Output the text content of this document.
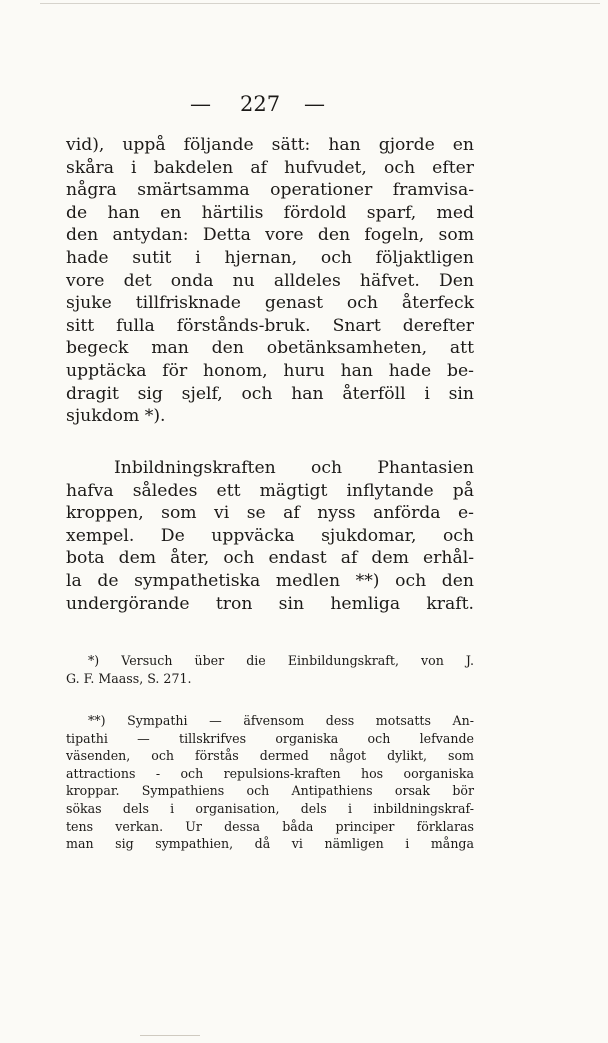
— 227 —
vid), uppå följande sätt: han gjorde en
skåra i bakdelen af hufvudet, och efter
några smärtsamma operationer framvisa-
de han en härtilis fördold sparf, med
den antydan: Detta vore den fogeln, som
hade sutit i hjernan, och följaktligen
vore det onda nu alldeles häfvet. Den
sjuke tillfrisknade genast och återfeck
sitt fulla förstånds-bruk. Snart derefter
begeck man den obetänksamheten, att
upptäcka för honom, huru han hade be-
dragit sig sjelf, och han återföll i sin
sjukdom *).
Inbildningskraften och Phantasien
hafva således ett mägtigt inflytande på
kroppen, som vi se af nyss anförda e-
xempel. De uppväcka sjukdomar, och
bota dem åter, och endast af dem erhål-
la de sympathetiska medlen **) och den
undergörande tron sin hemliga kraft.
*) Versuch über die Einbildungskraft, von J.
G. F. Maass, S. 271.
**) Sympathi — äfvensom dess motsatts An-
tipathi — tillskrifves organiska och lefvande
väsenden, och förstås dermed något dylikt, som
attractions - och repulsions-kraften hos oorganiska
kroppar. Sympathiens och Antipathiens orsak bör
sökas dels i organisation, dels i inbildningskraf-
tens verkan. Ur dessa båda principer förklaras
man sig sympathien, då vi nämligen i många
